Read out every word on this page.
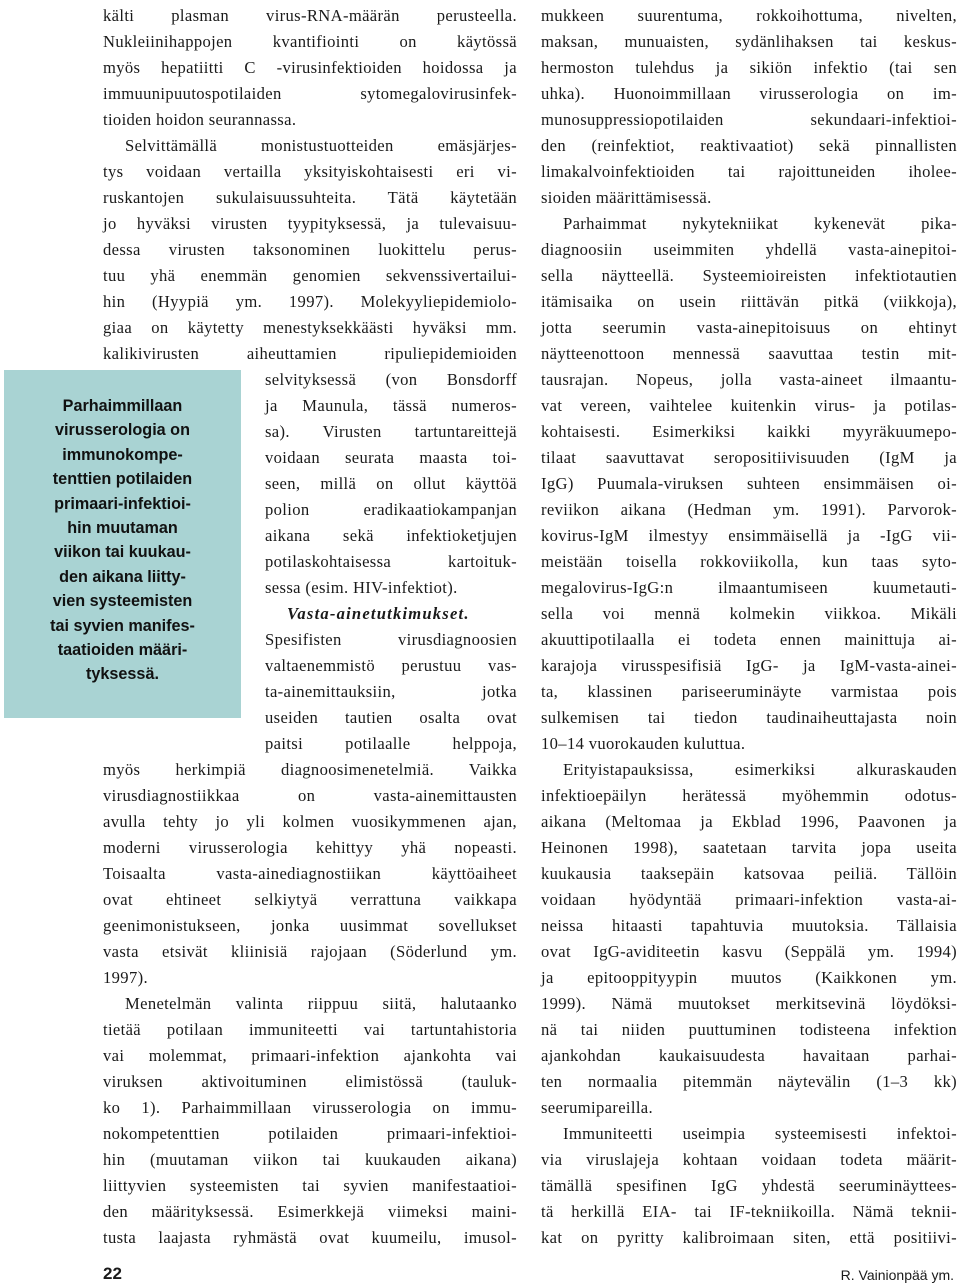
Parhaimmillaan
virusserologia on
immunokompe-
tenttien potilaiden
primaari-infektioi-
hin muutaman
viikon tai kuukau-
den aikana liitty-
vien systeemisten
tai syvien manifes-
taatioiden määri-
tyksessä.

kälti plasman virus-RNA-määrän perusteella.

Nukleiinihappojen kvantifiointi on käytössä

myös hepatiitti C -virusinfektioiden hoidossa ja

immuunipuutospotilaiden sytomegalovirusinfek-

tioiden hoidon seurannassa.

Selvittämällä monistustuotteiden emäsjärjes-

tys voidaan vertailla yksityiskohtaisesti eri vi-

ruskantojen sukulaisuussuhteita. Tätä käytetään

jo hyväksi virusten tyypityksessä, ja tulevaisuu-

dessa virusten taksonominen luokittelu perus-

tuu yhä enemmän genomien sekvenssivertailui-

hin (Hyypiä ym. 1997). Molekyyliepidemiolo-

giaa on käytetty menestyksekkäästi hyväksi mm.

kalikivirusten aiheuttamien ripuliepidemioiden

selvityksessä (von Bonsdorff

ja Maunula, tässä numeros-

sa). Virusten tartuntareittejä

voidaan seurata maasta toi-

seen, millä on ollut käyttöä

polion eradikaatiokampanjan

aikana sekä infektioketjujen

potilaskohtaisessa kartoituk-

sessa (esim. HIV-infektiot).

Vasta-ainetutkimukset.

Spesifisten virusdiagnoosien

valtaenemmistö perustuu vas-

ta-ainemittauksiin, jotka

useiden tautien osalta ovat

paitsi potilaalle helppoja,

myös herkimpiä diagnoosimenetelmiä. Vaikka

virusdiagnostiikkaa on vasta-ainemittausten

avulla tehty jo yli kolmen vuosikymmenen ajan,

moderni virusserologia kehittyy yhä nopeasti.

Toisaalta vasta-ainediagnostiikan käyttöaiheet

ovat ehtineet selkiytyä verrattuna vaikkapa

geenimonistukseen, jonka uusimmat sovellukset

vasta etsivät kliinisiä rajojaan (Söderlund ym.

1997).

Menetelmän valinta riippuu siitä, halutaanko

tietää potilaan immuniteetti vai tartuntahistoria

vai molemmat, primaari-infektion ajankohta vai

viruksen aktivoituminen elimistössä (tauluk-

ko 1). Parhaimmillaan virusserologia on immu-

nokompetenttien potilaiden primaari-infektioi-

hin (muutaman viikon tai kuukauden aikana)

liittyvien systeemisten tai syvien manifestaatioi-

den määrityksessä. Esimerkkejä viimeksi maini-

tusta laajasta ryhmästä ovat kuumeilu, imusol-

mukkeen suurentuma, rokkoihottuma, nivelten,

maksan, munuaisten, sydänlihaksen tai keskus-

hermoston tulehdus ja sikiön infektio (tai sen

uhka). Huonoimmillaan virusserologia on im-

munosuppressiopotilaiden sekundaari-infektioi-

den (reinfektiot, reaktivaatiot) sekä pinnallisten

limakalvoinfektioiden tai rajoittuneiden iholee-

sioiden määrittämisessä.

Parhaimmat nykytekniikat kykenevät pika-

diagnoosiin useimmiten yhdellä vasta-ainepitoi-

sella näytteellä. Systeemioireisten infektiotautien

itämisaika on usein riittävän pitkä (viikkoja),

jotta seerumin vasta-ainepitoisuus on ehtinyt

näytteenottoon mennessä saavuttaa testin mit-

tausrajan. Nopeus, jolla vasta-aineet ilmaantu-

vat vereen, vaihtelee kuitenkin virus- ja potilas-

kohtaisesti. Esimerkiksi kaikki myyräkuumepo-

tilaat saavuttavat seropositiivisuuden (IgM ja

IgG) Puumala-viruksen suhteen ensimmäisen oi-

reviikon aikana (Hedman ym. 1991). Parvorok-

kovirus-IgM ilmestyy ensimmäisellä ja -IgG vii-

meistään toisella rokkoviikolla, kun taas syto-

megalovirus-IgG:n ilmaantumiseen kuumetauti-

sella voi mennä kolmekin viikkoa. Mikäli

akuuttipotilaalla ei todeta ennen mainittuja ai-

karajoja virusspesifisiä IgG- ja IgM-vasta-ainei-

ta, klassinen pariseeruminäyte varmistaa pois

sulkemisen tai tiedon taudinaiheuttajasta noin

10–14 vuorokauden kuluttua.

Erityistapauksissa, esimerkiksi alkuraskauden

infektioepäilyn herätessä myöhemmin odotus-

aikana (Meltomaa ja Ekblad 1996, Paavonen ja

Heinonen 1998), saatetaan tarvita jopa useita

kuukausia taaksepäin katsovaa peiliä. Tällöin

voidaan hyödyntää primaari-infektion vasta-ai-

neissa hitaasti tapahtuvia muutoksia. Tällaisia

ovat IgG-aviditeetin kasvu (Seppälä ym. 1994)

ja epitooppityypin muutos (Kaikkonen ym.

1999). Nämä muutokset merkitsevinä löydöksi-

nä tai niiden puuttuminen todisteena infektion

ajankohdan kaukaisuudesta havaitaan parhai-

ten normaalia pitemmän näytevälin (1–3 kk)

seerumipareilla.

Immuniteetti useimpia systeemisesti infektoi-

via viruslajeja kohtaan voidaan todeta määrit-

tämällä spesifinen IgG yhdestä seeruminäyttees-

tä herkillä EIA- tai IF-tekniikoilla. Nämä teknii-

kat on pyritty kalibroimaan siten, että positiivi-

22	R. Vainionpää ym.
